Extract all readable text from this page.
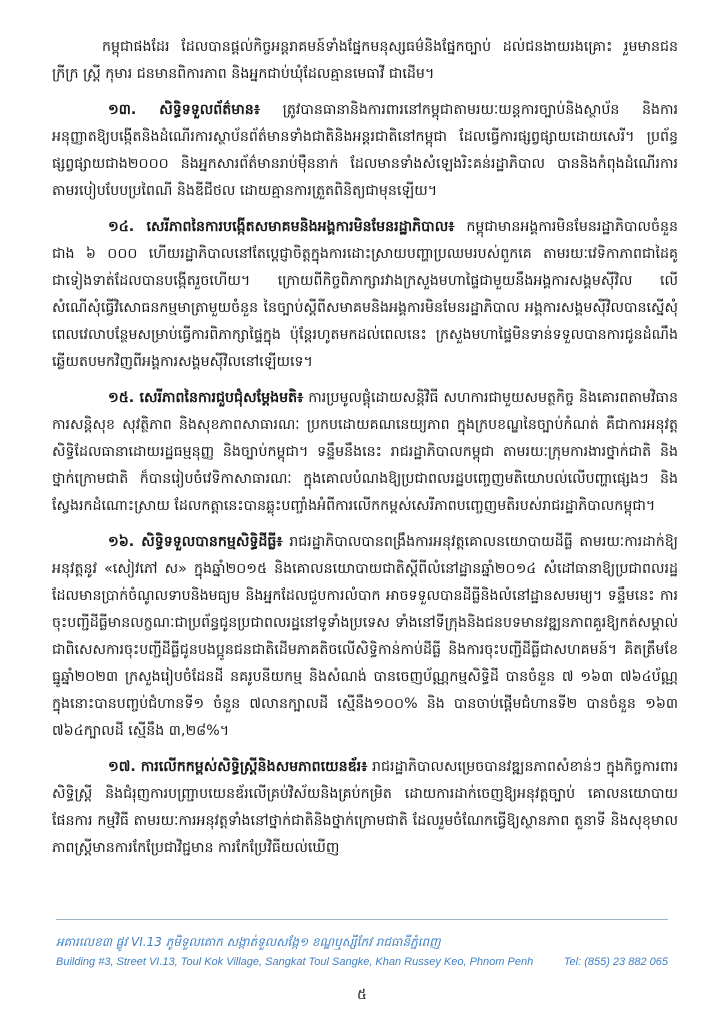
កម្ពុជាផងដែរ ដែលបានផ្តល់កិច្ចអន្តរាគមន៍ទាំងផ្នែកមនុស្សធម៌និងផ្នែកច្បាប់ ដល់ជនងាយរងគ្រោះ រួមមានជនក្រីក្រ ស្ត្រី កុមារ ជនមានពិការភាព និងអ្នកជាប់ឃុំដែលគ្មានមេធាវី ជាដើម។

១៣. សិទ្ធិទទួលព័ត៌មាន៖ ត្រូវបានធានានិងការពារនៅកម្ពុជាតាមរយៈយន្តការច្បាប់និងស្ថាប័ន និងការអនុញ្ញាតឱ្យបង្កើតនិងដំណើរការស្ថាប័នព័ត៌មានទាំងជាតិនិងអន្តរជាតិនៅកម្ពុជា ដែលធ្វើការផ្សព្វផ្សាយដោយសេរី។ ប្រព័ន្ធផ្សព្វផ្សាយជាង២០០០ និងអ្នកសារព័ត៌មានរាប់ម៉ឺននាក់ ដែលមានទាំងសំឡេងរិះគន់រដ្ឋាភិបាល បាននិងកំពុងដំណើរការ តាមរបៀបបែបប្រពៃណី និងឌីជីថល ដោយគ្មានការត្រួតពិនិត្យជាមុនឡើយ។

១៤. សេរីភាពនៃការបង្កើតសមាគមនិងអង្គការមិនមែនរដ្ឋាភិបាល៖ កម្ពុជាមានអង្គការមិនមែនរដ្ឋាភិបាលចំនួនជាង ៦ ០០០ ហើយរដ្ឋាភិបាលនៅតែប្តេជ្ញាចិត្តក្នុងការដោះស្រាយបញ្ហាប្រឈមរបស់ពួកគេ តាមរយៈវេទិកាភាពជាដៃគូជាទៀងទាត់ដែលបានបង្កើតរួចហើយ។ ក្រោយពីកិច្ចពិភាក្សារវាងក្រសួងមហាផ្ទៃជាមួយនឹងអង្គការសង្គមស៊ីវិល លើសំណើសុំធ្វើវិសោធនកម្មមាត្រាមួយចំនួន នៃច្បាប់ស្តីពីសមាគមនិងអង្គការមិនមែនរដ្ឋាភិបាល អង្គការសង្គមស៊ីវិលបានស្នើសុំពេលវេលាបន្ថែមសម្រាប់ធ្វើការពិភាក្សាផ្ទៃក្នុង ប៉ុន្តែរហូតមកដល់ពេលនេះ ក្រសួងមហាផ្ទៃមិនទាន់ទទួលបានការជូនដំណឹងឆ្លើយតបមកវិញពីអង្គការសង្គមស៊ីវិលនៅឡើយទេ។

១៥. សេរីភាពនៃការជួបជុំសម្តែងមតិ៖ ការប្រមូលផ្តុំដោយសន្តិវិធី សហការជាមួយសមត្ថកិច្ច និងគោរពតាមវិធានការសន្តិសុខ សុវត្ថិភាព និងសុខភាពសាធារណៈ ប្រកបដោយគណនេយ្យភាព ក្នុងក្របខណ្ឌនៃច្បាប់កំណត់ គឺជាការអនុវត្តសិទ្ធិដែលធានាដោយរដ្ឋធម្មនុញ្ញ និងច្បាប់កម្ពុជា។ ទន្ទឹមនឹងនេះ រាជរដ្ឋាភិបាលកម្ពុជា តាមរយៈក្រុមការងារថ្នាក់ជាតិ និងថ្នាក់ក្រោមជាតិ ក៏បានរៀបចំវេទិកាសាធារណៈ ក្នុងគោលបំណងឱ្យប្រជាពលរដ្ឋបញ្ចេញមតិយោបល់លើបញ្ហាផ្សេងៗ និងស្វែងរកដំណោះស្រាយ ដែលកត្តានេះបានឆ្លុះបញ្ចាំងអំពីការលើកកម្ពស់សេរីភាពបញ្ចេញមតិរបស់រាជរដ្ឋាភិបាលកម្ពុជា។

១៦. សិទ្ធិទទួលបានកម្មសិទ្ធិដីធ្លី៖ រាជរដ្ឋាភិបាលបានពង្រឹងការអនុវត្តគោលនយោបាយដីធ្លី តាមរយៈការដាក់ឱ្យអនុវត្តនូវ «សៀវភៅ ស» ក្នុងឆ្នាំ២០១៥ និងគោលនយោបាយជាតិស្តីពីលំនៅដ្ឋានឆ្នាំ២០១៤ សំដៅធានាឱ្យប្រជាពលរដ្ឋដែលមានប្រាក់ចំណូលទាបនិងមធ្យម និងអ្នកដែលជួបការលំបាក អាចទទួលបានដីធ្លីនិងលំនៅដ្ឋានសមរម្យ។ ទន្ទឹមនេះ ការចុះបញ្ជីដីធ្លីមានលក្ខណៈជាប្រព័ន្ធជូនប្រជាពលរដ្ឋនៅទូទាំងប្រទេស ទាំងនៅទីក្រុងនិងជនបទមានវឌ្ឍនភាពគួរឱ្យកត់សម្គាល់ ជាពិសេសការចុះបញ្ជីដីធ្លីជូនបងប្អូនជនជាតិដើមភាគតិចលើសិទ្ធិកាន់កាប់ដីធ្លី និងការចុះបញ្ជីដីធ្លីជាសហគមន៍។ គិតត្រឹមខែធ្នូឆ្នាំ២០២៣ ក្រសួងរៀបចំដែនដី នគរូបនីយកម្ម និងសំណង់ បានចេញប័ណ្ណកម្មសិទ្ធិដី បានចំនួន ៧ ១៦៣ ៧៦៤ប័ណ្ណ ក្នុងនោះបានបញ្ចប់ជំហានទី១ ចំនួន ៧លានក្បាលដី ស្មើនឹង១០០% និង បានចាប់ផ្តើមជំហានទី២ បានចំនួន ១៦៣ ៧៦៤ក្បាលដី ស្មើនឹង ៣,២៨%។

១៧. ការលើកកម្ពស់សិទ្ធិស្ត្រីនិងសមភាពយេនឌ័រ៖ រាជរដ្ឋាភិបាលសម្រេចបានវឌ្ឍនភាពសំខាន់ៗ ក្នុងកិច្ចការពារសិទ្ធិស្ត្រី និងជំរុញការបញ្ជ្រាបយេនឌ័រលើគ្រប់វិស័យនិងគ្រប់កម្រិត ដោយការដាក់ចេញឱ្យអនុវត្តច្បាប់ គោលនយោបាយ ផែនការ កម្មវិធី តាមរយៈការអនុវត្តទាំងនៅថ្នាក់ជាតិនិងថ្នាក់ក្រោមជាតិ ដែលរួមចំណែកធ្វើឱ្យស្ថានភាព តួនាទី និងសុខុមាលភាពស្ត្រីមានការកែប្រែជាវិជ្ជមាន ការកែប្រែវិធីយល់ឃើញ

អគារលេខ៣ ផ្លូវ VI.13 ភូមិទួលគោក សង្កាត់ទួលសង្កែ១ ខណ្ឌឬស្សីកែវ រាជធានីភ្នំពេញ
Building #3, Street VI.13, Toul Kok Village, Sangkat Toul Sangke, Khan Russey Keo, Phnom Penh	Tel: (855) 23 882 065
៥
